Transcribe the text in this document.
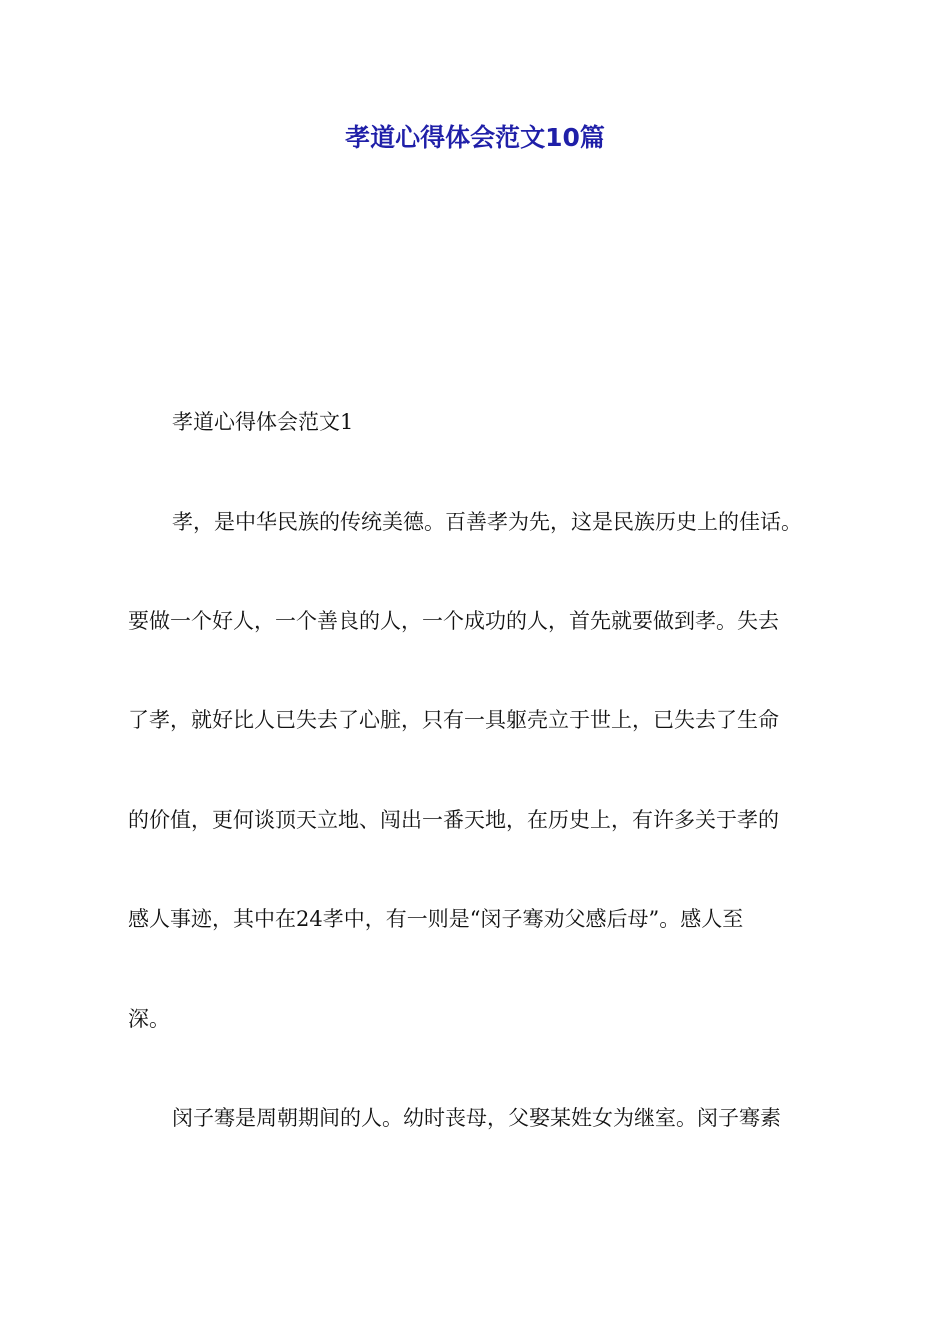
孝道心得体会范文10篇
孝道心得体会范文1
孝，是中华民族的传统美德。百善孝为先，这是民族历史上的佳话。
要做一个好人，一个善良的人，一个成功的人，首先就要做到孝。失去
了孝，就好比人已失去了心脏，只有一具躯壳立于世上，已失去了生命
的价值，更何谈顶天立地、闯出一番天地，在历史上，有许多关于孝的
感人事迹，其中在24孝中，有一则是“闵子骞劝父感后母”。感人至
深。
闵子骞是周朝期间的人。幼时丧母，父娶某姓女为继室。闵子骞素
